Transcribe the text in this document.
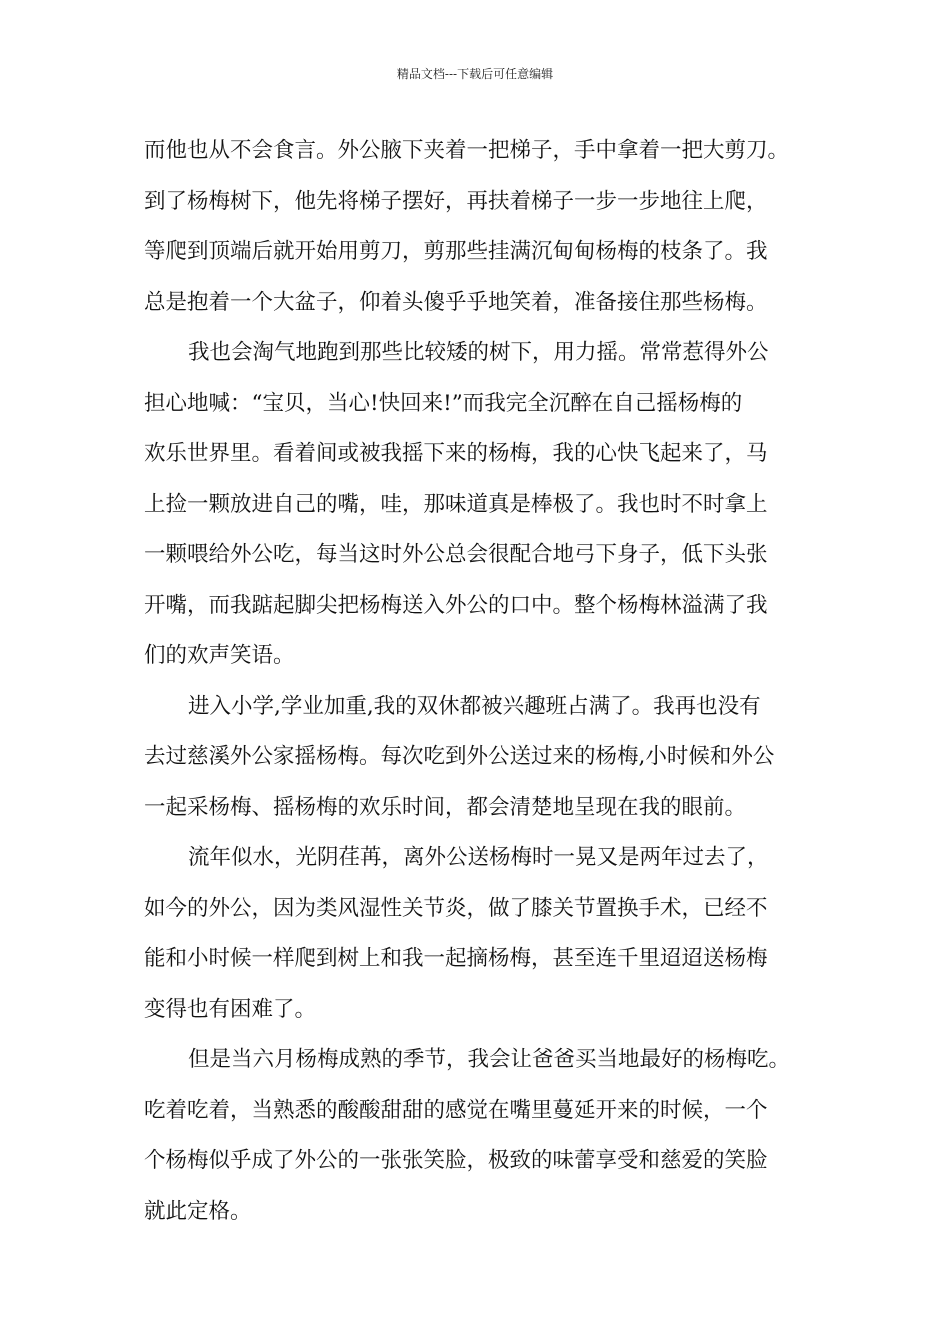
精品文档---下载后可任意编辑
而他也从不会食言。外公腋下夹着一把梯子，手中拿着一把大剪刀。
到了杨梅树下，他先将梯子摆好，再扶着梯子一步一步地往上爬，
等爬到顶端后就开始用剪刀，剪那些挂满沉甸甸杨梅的枝条了。我
总是抱着一个大盆子，仰着头傻乎乎地笑着，准备接住那些杨梅。
我也会淘气地跑到那些比较矮的树下，用力摇。常常惹得外公
担心地喊：“宝贝，当心!快回来!”而我完全沉醉在自己摇杨梅的
欢乐世界里。看着间或被我摇下来的杨梅，我的心快飞起来了，马
上捡一颗放进自己的嘴，哇，那味道真是棒极了。我也时不时拿上
一颗喂给外公吃，每当这时外公总会很配合地弓下身子，低下头张
开嘴，而我踮起脚尖把杨梅送入外公的口中。整个杨梅林溢满了我
们的欢声笑语。
进入小学,学业加重,我的双休都被兴趣班占满了。我再也没有
去过慈溪外公家摇杨梅。每次吃到外公送过来的杨梅,小时候和外公
一起采杨梅、摇杨梅的欢乐时间，都会清楚地呈现在我的眼前。
流年似水，光阴荏苒，离外公送杨梅时一晃又是两年过去了，
如今的外公，因为类风湿性关节炎，做了膝关节置换手术，已经不
能和小时候一样爬到树上和我一起摘杨梅，甚至连千里迢迢送杨梅
变得也有困难了。
但是当六月杨梅成熟的季节，我会让爸爸买当地最好的杨梅吃。
吃着吃着，当熟悉的酸酸甜甜的感觉在嘴里蔓延开来的时候，一个
个杨梅似乎成了外公的一张张笑脸，极致的味蕾享受和慈爱的笑脸
就此定格。
